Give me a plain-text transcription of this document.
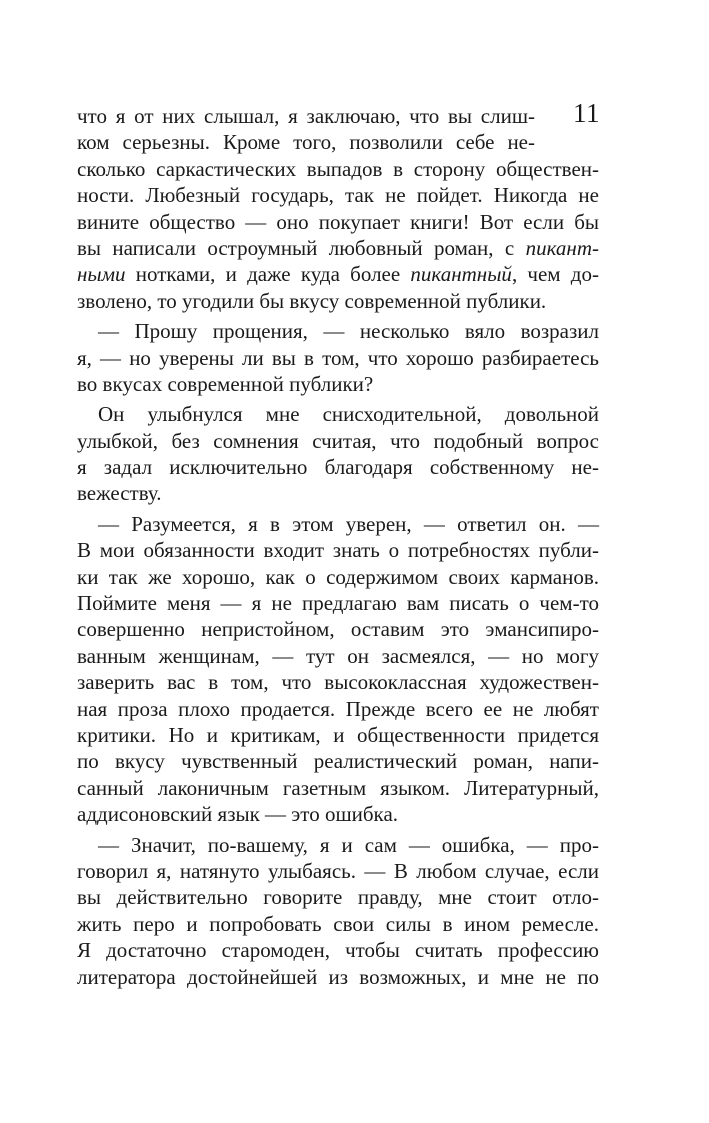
11
что я от них слышал, я заключаю, что вы слиш-
ком серьезны. Кроме того, позволили себе не-
сколько саркастических выпадов в сторону обществен-
ности. Любезный государь, так не пойдет. Никогда не
вините общество — оно покупает книги! Вот если бы
вы написали остроумный любовный роман, с пикант-
ными нотками, и даже куда более пикантный, чем до-
зволено, то угодили бы вкусу современной публики.
— Прошу прощения, — несколько вяло возразил
я, — но уверены ли вы в том, что хорошо разбираетесь
во вкусах современной публики?
Он улыбнулся мне снисходительной, довольной
улыбкой, без сомнения считая, что подобный вопрос
я задал исключительно благодаря собственному не-
вежеству.
— Разумеется, я в этом уверен, — ответил он. —
В мои обязанности входит знать о потребностях публи-
ки так же хорошо, как о содержимом своих карманов.
Поймите меня — я не предлагаю вам писать о чем-то
совершенно непристойном, оставим это эмансипиро-
ванным женщинам, — тут он засмеялся, — но могу
заверить вас в том, что высококлассная художествен-
ная проза плохо продается. Прежде всего ее не любят
критики. Но и критикам, и общественности придется
по вкусу чувственный реалистический роман, напи-
санный лаконичным газетным языком. Литературный,
аддисоновский язык — это ошибка.
— Значит, по-вашему, я и сам — ошибка, — про-
говорил я, натянуто улыбаясь. — В любом случае, если
вы действительно говорите правду, мне стоит отло-
жить перо и попробовать свои силы в ином ремесле.
Я достаточно старомоден, чтобы считать профессию
литератора достойнейшей из возможных, и мне не по
